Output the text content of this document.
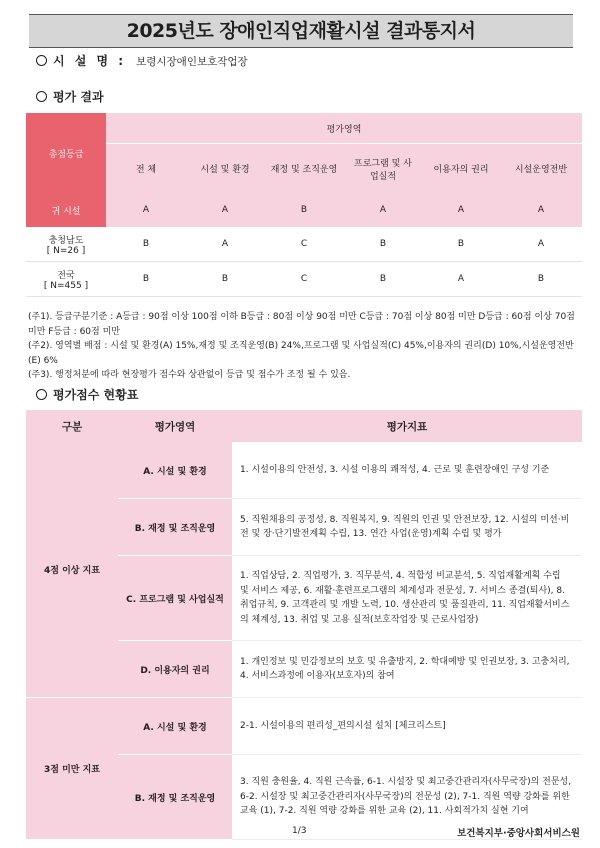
2025년도 장애인직업재활시설 결과통지서
시 설 명 : 보령시장애인보호작업장
평가 결과
총점등급	평가영역					
	전 체	시설 및 환경	재정 및 조직운영	프로그램 및 사업실적	이용자의 권리	시설운영전반

귀 시설	A	A	B	A	A	A

충청남도
[ N=26 ]	B	A	C	B	B	A

전국
[ N=455 ]	B	B	C	B	A	B
(주1). 등급구분기준 : A등급 : 90점 이상 100점 이하 B등급 : 80점 이상 90점 미만 C등급 : 70점 이상 80점 미만 D등급 : 60점 이상 70점 미만 F등급 : 60점 미만
(주2). 영역별 배점 : 시설 및 환경(A) 15%,재정 및 조직운영(B) 24%,프로그램 및 사업실적(C) 45%,이용자의 권리(D) 10%,시설운영전반(E) 6%
(주3). 행정처분에 따라 현장평가 점수와 상관없이 등급 및 점수가 조정 될 수 있음.
평가점수 현황표
구분	평가영역	평가지표
4점 이상 지표	A. 시설 및 환경	1. 시설이용의 안전성, 3. 시설 이용의 쾌적성, 4. 근로 및 훈련장애인 구성 기준
	B. 재정 및 조직운영	5. 직원채용의 공정성, 8. 직원복지, 9. 직원의 인권 및 안전보장, 12. 시설의 미션·비전 및 장·단기발전계획 수립, 13. 연간 사업(운영)계획 수립 및 평가
	C. 프로그램 및 사업실적	1. 직업상담, 2. 직업평가, 3. 직무분석, 4. 적합성 비교분석, 5. 직업재활계획 수립 및 서비스 제공, 6. 재활·훈련프로그램의 체계성과 전문성, 7. 서비스 종결(퇴사), 8. 취업규칙, 9. 고객관리 및 개발 노력, 10. 생산관리 및 품질관리, 11. 직업재활서비스의 체계성, 13. 취업 및 고용 실적(보호작업장 및 근로사업장)
	D. 이용자의 권리	1. 개인정보 및 민감정보의 보호 및 유출방지, 2. 학대예방 및 인권보장, 3. 고충처리, 4. 서비스과정에 이용자(보호자)의 참여
3점 미만 지표	A. 시설 및 환경	2-1. 시설이용의 편리성_편의시설 설치 [체크리스트]
	B. 재정 및 조직운영	3. 직원 충원율, 4. 직원 근속률, 6-1. 시설장 및 최고중간관리자(사무국장)의 전문성, 6-2. 시설장 및 최고중간관리자(사무국장)의 전문성 (2), 7-1. 직원 역량 강화를 위한 교육 (1), 7-2. 직원 역량 강화를 위한 교육 (2), 11. 사회적가치 실현 기여
1/3	보건복지부·중앙사회서비스원
